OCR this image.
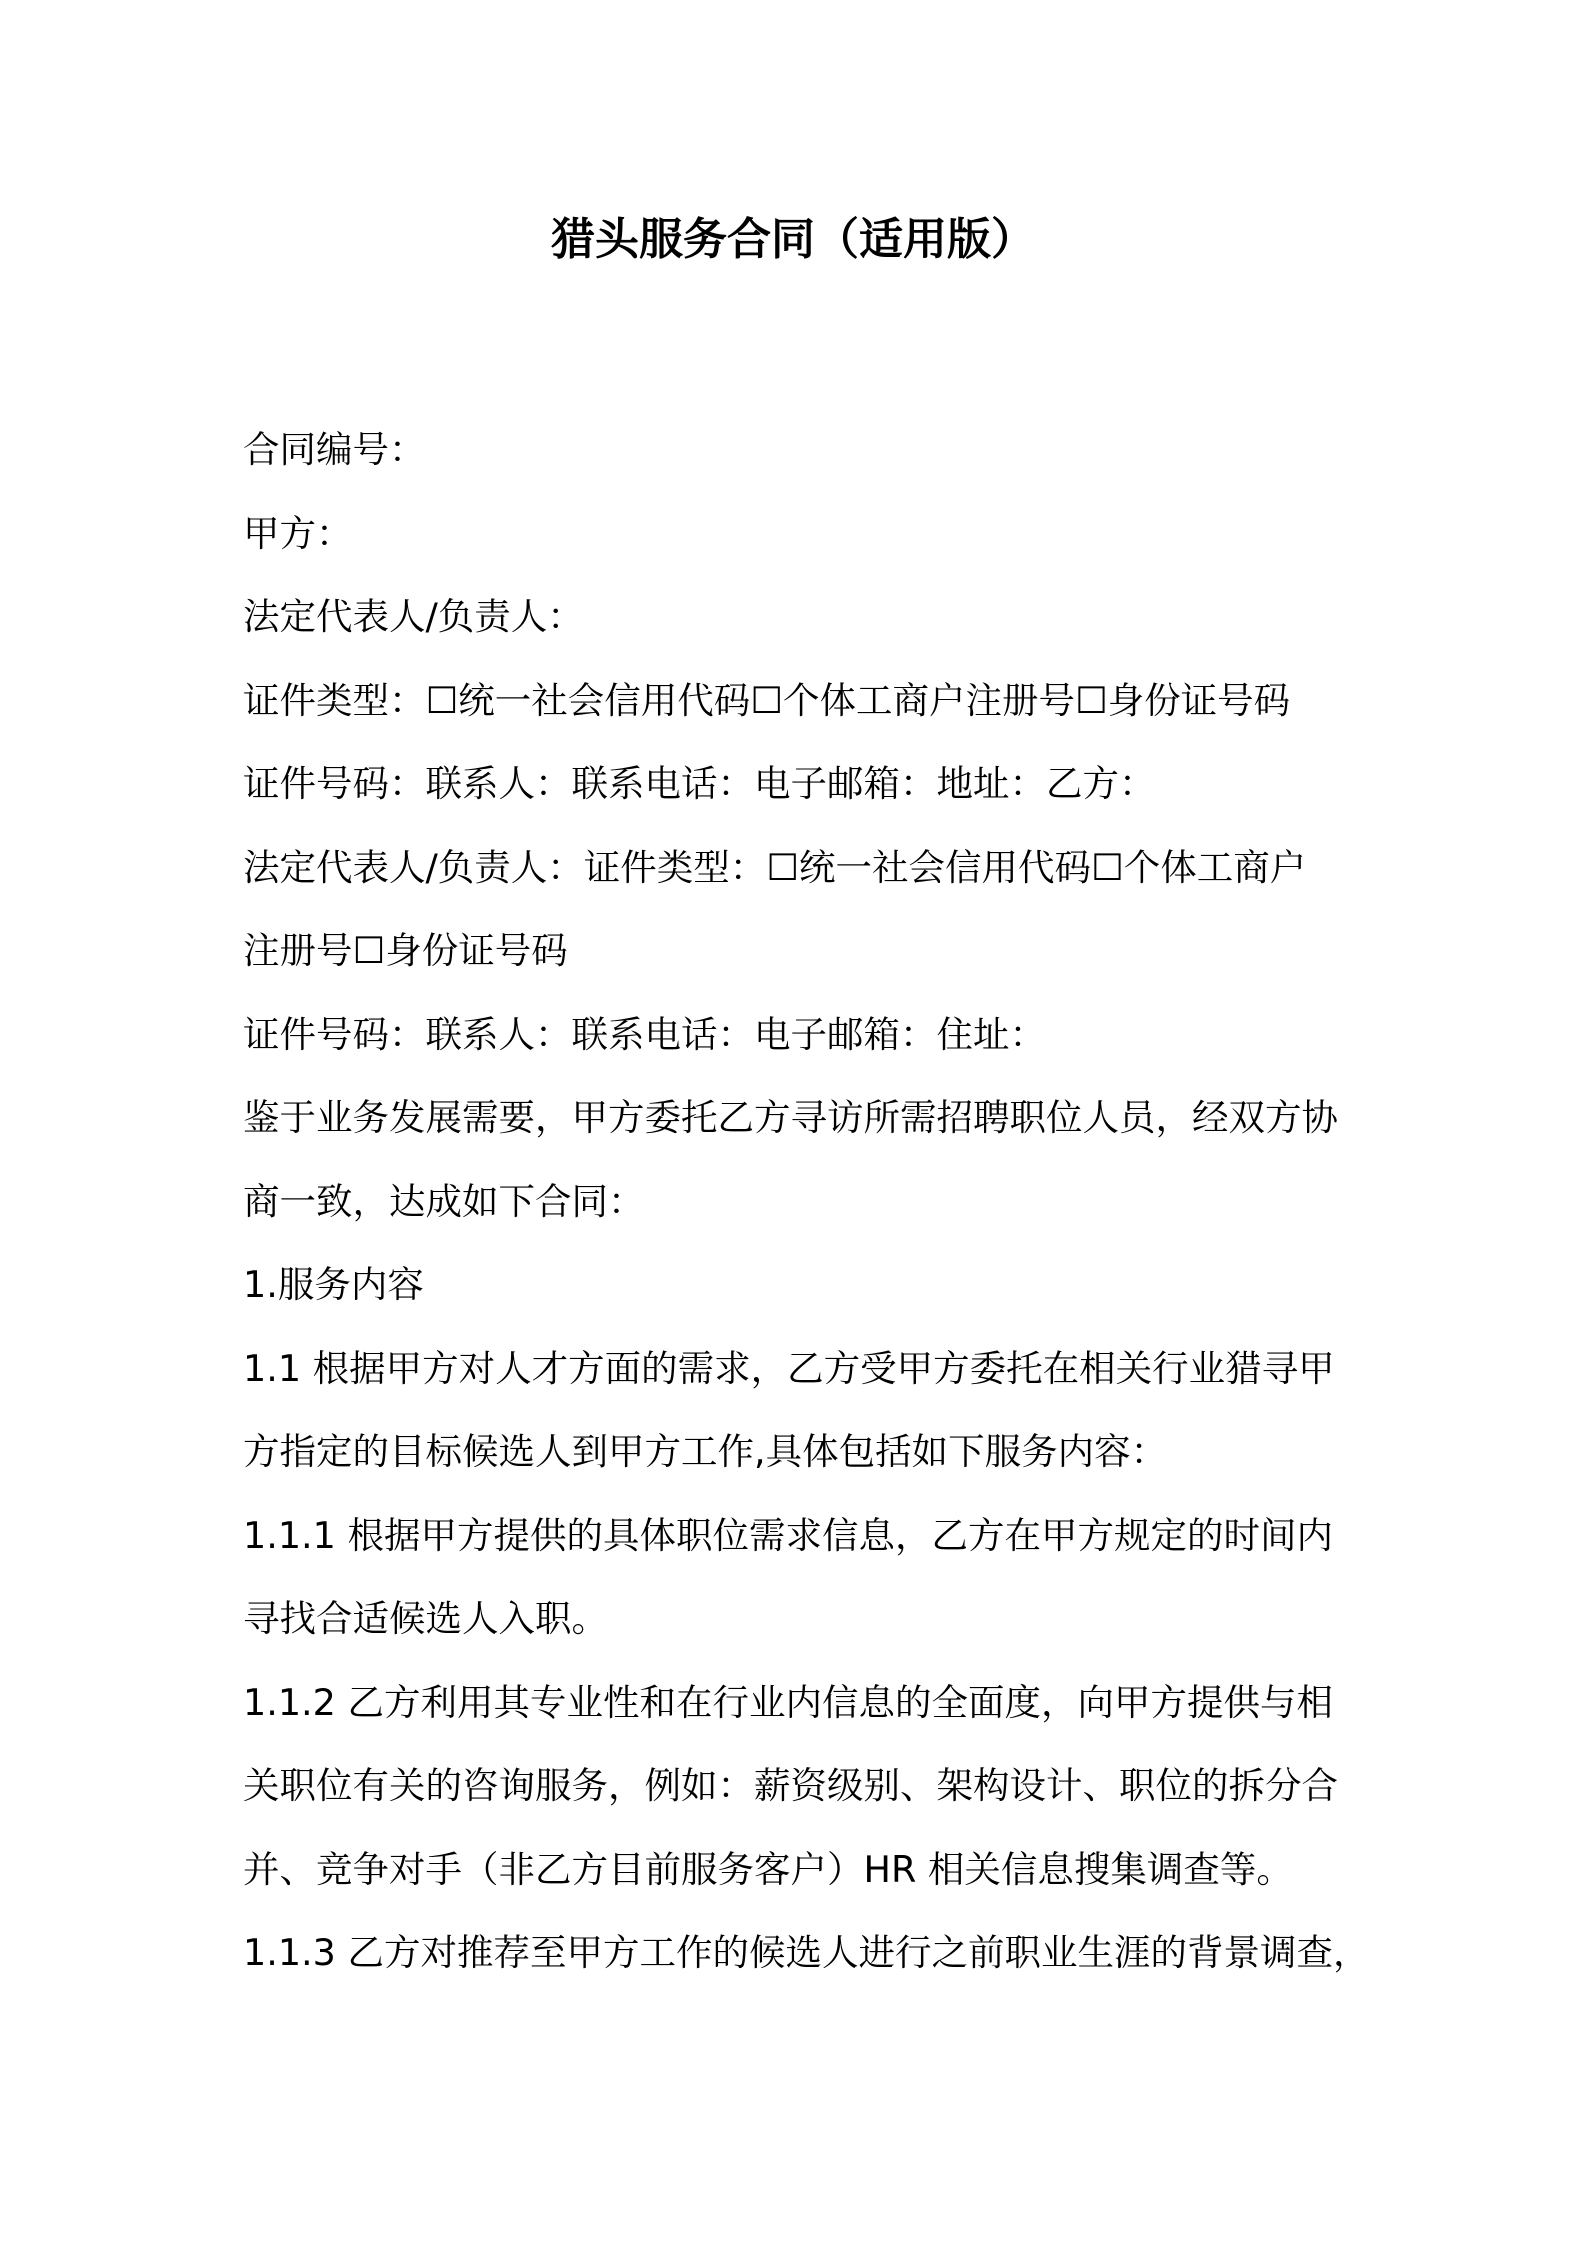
猎头服务合同（适用版）

合同编号：

甲方：

法定代表人/负责人：

证件类型：☐统一社会信用代码☐个体工商户注册号☐身份证号码

证件号码：联系人：联系电话：电子邮箱：地址：乙方：

法定代表人/负责人：证件类型：☐统一社会信用代码☐个体工商户

注册号☐身份证号码

证件号码：联系人：联系电话：电子邮箱：住址：

鉴于业务发展需要，甲方委托乙方寻访所需招聘职位人员，经双方协

商一致，达成如下合同：

1.服务内容

1.1 根据甲方对人才方面的需求，乙方受甲方委托在相关行业猎寻甲

方指定的目标候选人到甲方工作,具体包括如下服务内容：

1.1.1 根据甲方提供的具体职位需求信息，乙方在甲方规定的时间内

寻找合适候选人入职。

1.1.2 乙方利用其专业性和在行业内信息的全面度，向甲方提供与相

关职位有关的咨询服务，例如：薪资级别、架构设计、职位的拆分合

并、竞争对手（非乙方目前服务客户）HR 相关信息搜集调查等。

1.1.3 乙方对推荐至甲方工作的候选人进行之前职业生涯的背景调查，
